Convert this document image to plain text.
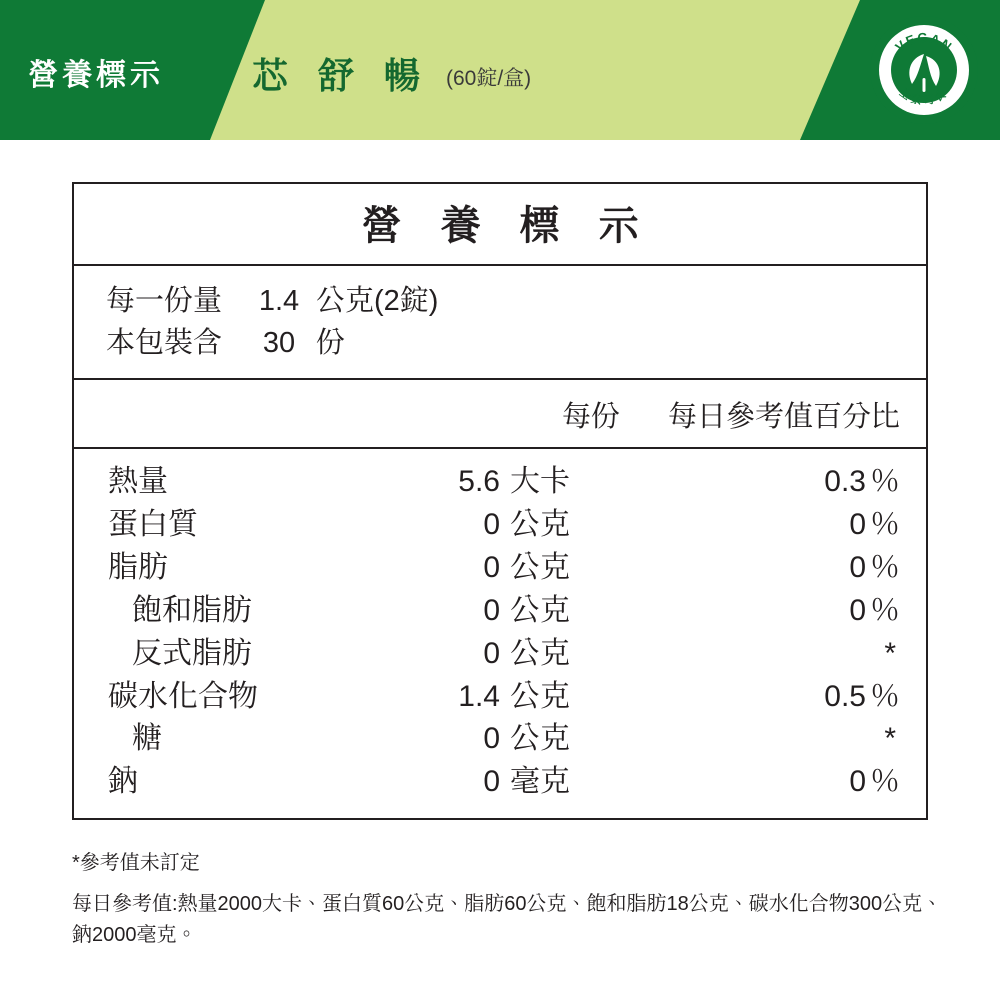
營養標示 芯 舒 暢 (60錠/盒)
VEGAN
全素可食
營 養 標 示
每一份量	1.4 公克(2錠)
本包裝含	30 份
每份	每日參考值百分比
熱量	5.6 大卡	0.3 ％
蛋白質	0 公克	0 ％
脂肪	0 公克	0 ％
飽和脂肪	0 公克	0 ％
反式脂肪	0 公克	*
碳水化合物	1.4 公克	0.5 ％
糖	0 公克	*
鈉	0 毫克	0 ％
*參考值未訂定
每日參考值:熱量2000大卡、蛋白質60公克、脂肪60公克、飽和脂肪18公克、碳水化合物300公克、鈉2000毫克。
